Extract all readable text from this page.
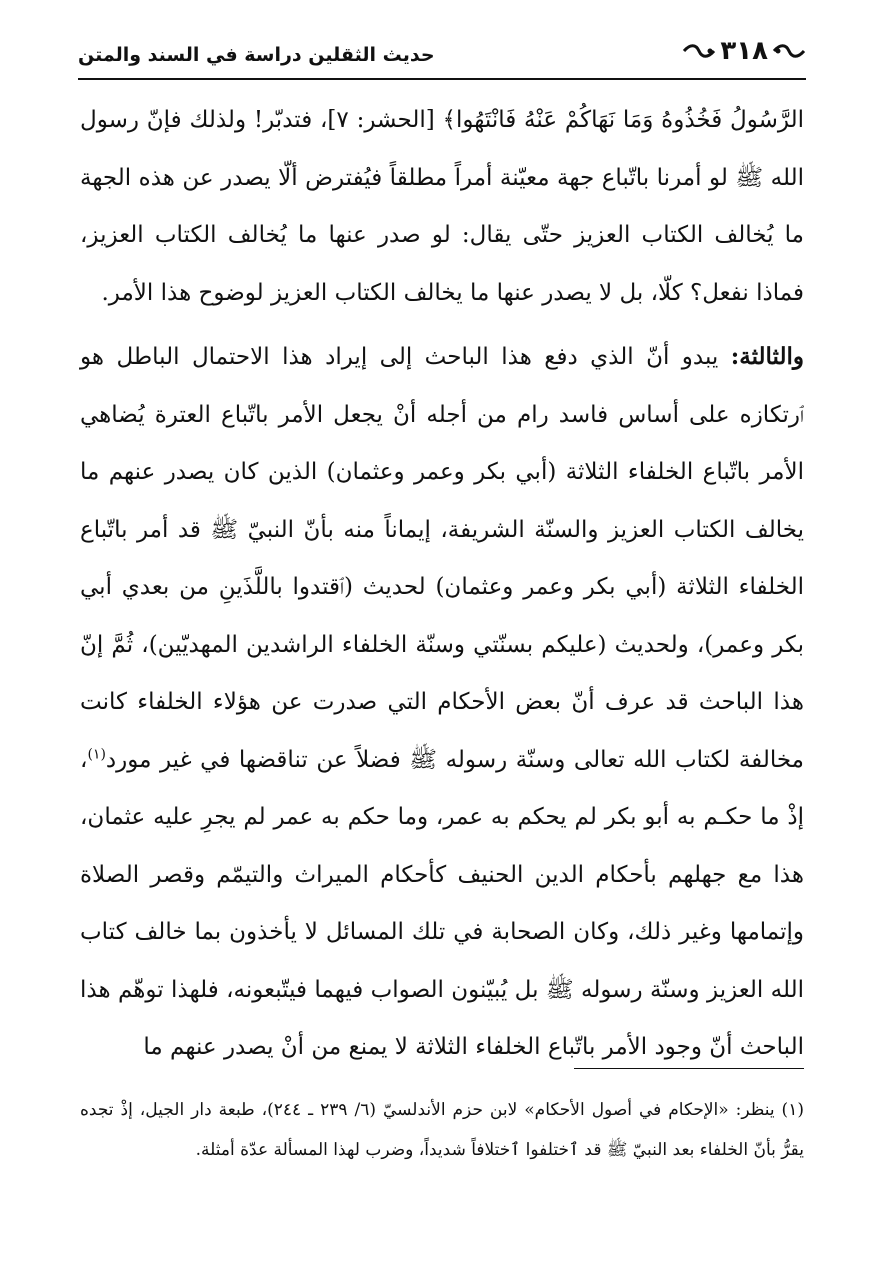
٣١٨
حديث الثقلين دراسة في السند والمتن

الرَّسُولُ فَخُذُوهُ وَمَا نَهَاكُمْ عَنْهُ فَانْتَهُوا﴾ [الحشر: ٧]، فتدبّر! ولذلك فإنّ رسول الله ﷺ لو أمرنا باتّباع جهة معيّنة أمراً مطلقاً فيُفترض ألّا يصدر عن هذه الجهة ما يُخالف الكتاب العزيز حتّى يقال: لو صدر عنها ما يُخالف الكتاب العزيز، فماذا نفعل؟ كلّا، بل لا يصدر عنها ما يخالف الكتاب العزيز لوضوح هذا الأمر.

والثالثة: يبدو أنّ الذي دفع هذا الباحث إلى إيراد هذا الاحتمال الباطل هو ٱرتكازه على أساس فاسد رام من أجله أنْ يجعل الأمر باتّباع العترة يُضاهي الأمر باتّباع الخلفاء الثلاثة (أبي بكر وعمر وعثمان) الذين كان يصدر عنهم ما يخالف الكتاب العزيز والسنّة الشريفة، إيماناً منه بأنّ النبيّ ﷺ قد أمر باتّباع الخلفاء الثلاثة (أبي بكر وعمر وعثمان) لحديث (ٱقتدوا باللَّذَينِ من بعدي أبي بكر وعمر)، ولحديث (عليكم بسنّتي وسنّة الخلفاء الراشدين المهديّين)، ثُمَّ إنّ هذا الباحث قد عرف أنّ بعض الأحكام التي صدرت عن هؤلاء الخلفاء كانت مخالفة لكتاب الله تعالى وسنّة رسوله ﷺ فضلاً عن تناقضها في غير مورد$^{(١)}$، إذْ ما حكـم به أبو بكر لم يحكم به عمر، وما حكم به عمر لم يجرِ عليه عثمان، هذا مع جهلهم بأحكام الدين الحنيف كأحكام الميراث والتيمّم وقصر الصلاة وإتمامها وغير ذلك، وكان الصحابة في تلك المسائل لا يأخذون بما خالف كتاب الله العزيز وسنّة رسوله ﷺ بل يُبيّنون الصواب فيهما فيتّبعونه، فلهذا توهّم هذا الباحث أنّ وجود الأمر باتّباع الخلفاء الثلاثة لا يمنع من أنْ يصدر عنهم ما

(١) ينظر: «الإحكام في أصول الأحكام» لابن حزم الأندلسيّ (٦/ ٢٣٩ ـ ٢٤٤)، طبعة دار الجيل، إذْ تجده يقرُّ بأنّ الخلفاء بعد النبيّ ﷺ قد ٱختلفوا ٱختلافاً شديداً، وضرب لهذا المسألة عدّة أمثلة.
